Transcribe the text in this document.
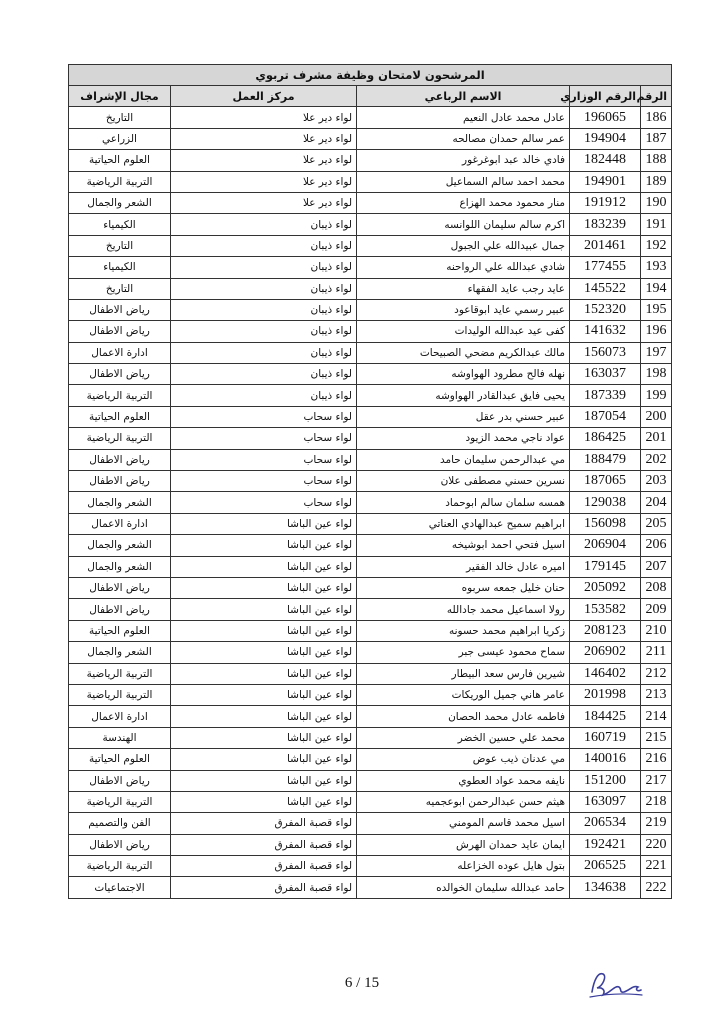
المرشحون لامتحان وظيفة مشرف تربوي				
الرقم	الرقم الوزاري	الاسم الرباعي	مركز العمل	مجال الإشراف
186	196065	عادل محمد عادل النعيم	لواء دير علا	التاريخ
187	194904	عمر سالم حمدان مصالحه	لواء دير علا	الزراعي
188	182448	فادي خالد عبد ابوغرغور	لواء دير علا	العلوم الحياتية
189	194901	محمد احمد سالم السماعيل	لواء دير علا	التربية الرياضية
190	191912	منار محمود محمد الهزاع	لواء دير علا	الشعر والجمال
191	183239	اكرم سالم سليمان اللوانسه	لواء ذيبان	الكيمياء
192	201461	جمال عبيدالله علي الجبول	لواء ذيبان	التاريخ
193	177455	شادي عبدالله علي الرواحنه	لواء ذيبان	الكيمياء
194	145522	عايد رجب عايد الفقهاء	لواء ذيبان	التاريخ
195	152320	عبير رسمي عايد ابوقاعود	لواء ذيبان	رياض الاطفال
196	141632	كفى عيد عبدالله الوليدات	لواء ذيبان	رياض الاطفال
197	156073	مالك عبدالكريم مضحي الصبيحات	لواء ذيبان	ادارة الاعمال
198	163037	نهله فالح مطرود الهواوشه	لواء ذيبان	رياض الاطفال
199	187339	يحيى فايق عبدالقادر الهواوشه	لواء ذيبان	التربية الرياضية
200	187054	عبير حسني بدر عقل	لواء سحاب	العلوم الحياتية
201	186425	عواد ناجي محمد الزيود	لواء سحاب	التربية الرياضية
202	188479	مي عبدالرحمن سليمان حامد	لواء سحاب	رياض الاطفال
203	187065	نسرين حسني مصطفى علان	لواء سحاب	رياض الاطفال
204	129038	همسه سلمان سالم ابوحماد	لواء سحاب	الشعر والجمال
205	156098	ابراهيم سميح عبدالهادي العناتي	لواء عين الباشا	ادارة الاعمال
206	206904	اسيل فتحي احمد ابوشيخه	لواء عين الباشا	الشعر والجمال
207	179145	اميره عادل خالد الفقير	لواء عين الباشا	الشعر والجمال
208	205092	حنان خليل جمعه سربوه	لواء عين الباشا	رياض الاطفال
209	153582	رولا اسماعيل محمد جادالله	لواء عين الباشا	رياض الاطفال
210	208123	زكريا ابراهيم محمد حسونه	لواء عين الباشا	العلوم الحياتية
211	206902	سماح محمود عيسى جبر	لواء عين الباشا	الشعر والجمال
212	146402	شيرين فارس سعد البيطار	لواء عين الباشا	التربية الرياضية
213	201998	عامر هاني جميل الوريكات	لواء عين الباشا	التربية الرياضية
214	184425	فاطمه عادل محمد الحصان	لواء عين الباشا	ادارة الاعمال
215	160719	محمد علي حسين الخضر	لواء عين الباشا	الهندسة
216	140016	مي عدنان ذيب عوض	لواء عين الباشا	العلوم الحياتية
217	151200	نايفه محمد عواد العطوي	لواء عين الباشا	رياض الاطفال
218	163097	هيثم حسن عبدالرحمن ابوعجميه	لواء عين الباشا	التربية الرياضية
219	206534	اسيل محمد قاسم المومني	لواء قصبة المفرق	الفن والتصميم
220	192421	ايمان عايد حمدان الهرش	لواء قصبة المفرق	رياض الاطفال
221	206525	بتول هايل عوده الخزاعله	لواء قصبة المفرق	التربية الرياضية
222	134638	حامد عبدالله سليمان الخوالده	لواء قصبة المفرق	الاجتماعيات
6 / 15
